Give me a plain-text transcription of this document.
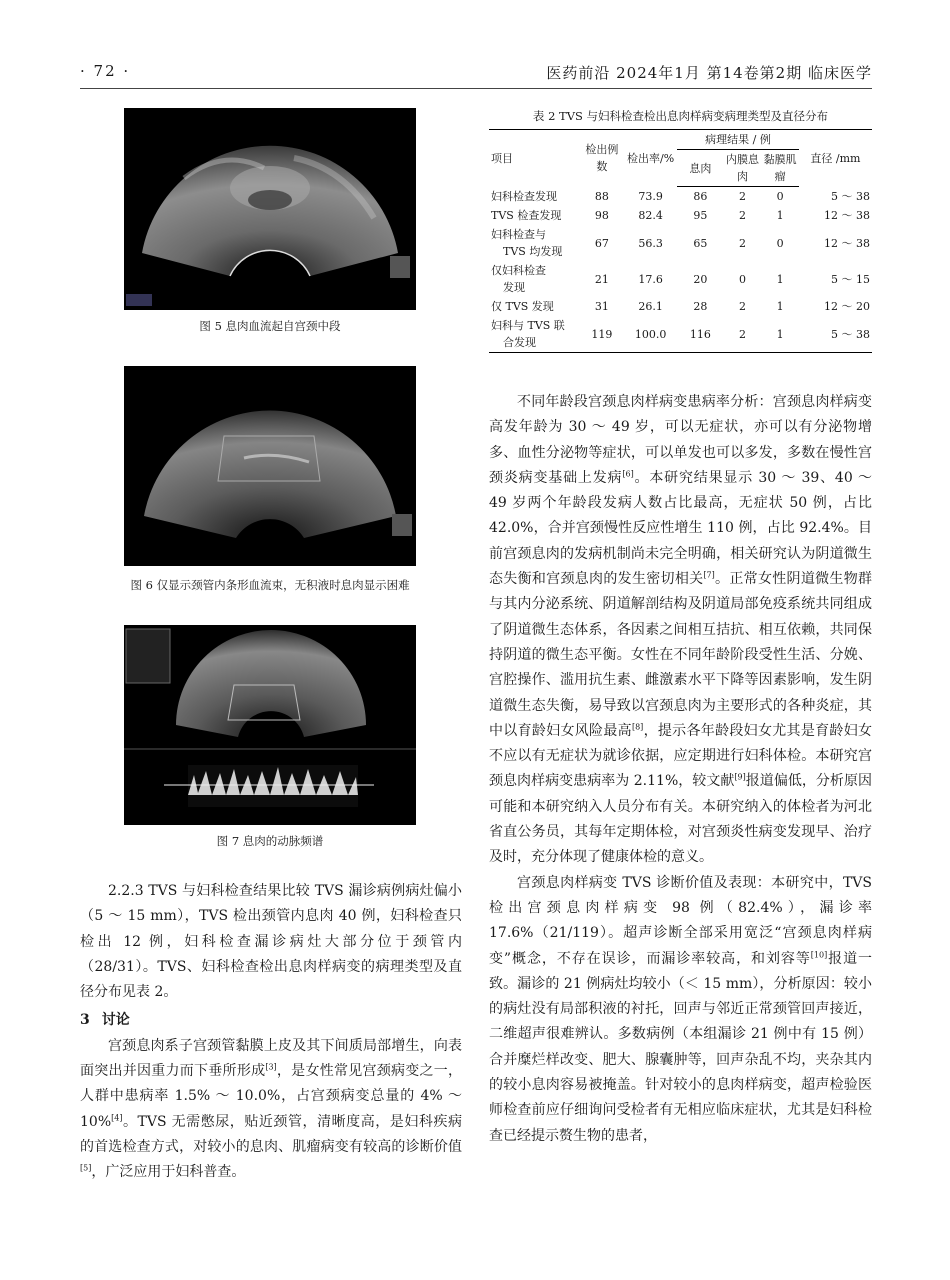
· 72 ·	医药前沿 2024年1月 第14卷第2期 临床医学
图 5 息肉血流起自宫颈中段
图 6 仅显示颈管内条形血流束，无积液时息肉显示困难
图 7 息肉的动脉频谱

2.2.3 TVS 与妇科检查结果比较 TVS 漏诊病例病灶偏小（5 ～ 15 mm），TVS 检出颈管内息肉 40 例，妇科检查只检出 12 例，妇科检查漏诊病灶大部分位于颈管内（28/31）。TVS、妇科检查检出息肉样病变的病理类型及直径分布见表 2。

3 讨论

宫颈息肉系子宫颈管黏膜上皮及其下间质局部增生，向表面突出并因重力而下垂所形成[3]，是女性常见宫颈病变之一，人群中患病率 1.5% ～ 10.0%，占宫颈病变总量的 4% ～ 10%[4]。TVS 无需憋尿，贴近颈管，清晰度高，是妇科疾病的首选检查方式，对较小的息肉、肌瘤病变有较高的诊断价值[5]，广泛应用于妇科普查。

表 2 TVS 与妇科检查检出息肉样病变病理类型及直径分布
项目	检出例数	检出率/%	病理结果 / 例			直径 /mm
			息肉	内膜息肉	黏膜肌瘤	
妇科检查发现	88	73.9	86	2	0	5 ～ 38
TVS 检查发现	98	82.4	95	2	1	12 ～ 38
妇科检查与
TVS 均发现	67	56.3	65	2	0	12 ～ 38
仅妇科检查
发现	21	17.6	20	0	1	5 ～ 15
仅 TVS 发现	31	26.1	28	2	1	12 ～ 20
妇科与 TVS 联
合发现	119	100.0	116	2	1	5 ～ 38

不同年龄段宫颈息肉样病变患病率分析：宫颈息肉样病变高发年龄为 30 ～ 49 岁，可以无症状，亦可以有分泌物增多、血性分泌物等症状，可以单发也可以多发，多数在慢性宫颈炎病变基础上发病[6]。本研究结果显示 30 ～ 39、40 ～ 49 岁两个年龄段发病人数占比最高，无症状 50 例，占比 42.0%，合并宫颈慢性反应性增生 110 例，占比 92.4%。目前宫颈息肉的发病机制尚未完全明确，相关研究认为阴道微生态失衡和宫颈息肉的发生密切相关[7]。正常女性阴道微生物群与其内分泌系统、阴道解剖结构及阴道局部免疫系统共同组成了阴道微生态体系，各因素之间相互拮抗、相互依赖，共同保持阴道的微生态平衡。女性在不同年龄阶段受性生活、分娩、宫腔操作、滥用抗生素、雌激素水平下降等因素影响，发生阴道微生态失衡，易导致以宫颈息肉为主要形式的各种炎症，其中以育龄妇女风险最高[8]，提示各年龄段妇女尤其是育龄妇女不应以有无症状为就诊依据，应定期进行妇科体检。本研究宫颈息肉样病变患病率为 2.11%，较文献[9]报道偏低，分析原因可能和本研究纳入人员分布有关。本研究纳入的体检者为河北省直公务员，其每年定期体检，对宫颈炎性病变发现早、治疗及时，充分体现了健康体检的意义。

宫颈息肉样病变 TVS 诊断价值及表现：本研究中，TVS 检出宫颈息肉样病变 98 例（82.4%），漏诊率 17.6%（21/119）。超声诊断全部采用宽泛“宫颈息肉样病变”概念，不存在误诊，而漏诊率较高，和刘容等[10]报道一致。漏诊的 21 例病灶均较小（＜ 15 mm），分析原因：较小的病灶没有局部积液的衬托，回声与邻近正常颈管回声接近，二维超声很难辨认。多数病例（本组漏诊 21 例中有 15 例）合并糜烂样改变、肥大、腺囊肿等，回声杂乱不均，夹杂其内的较小息肉容易被掩盖。针对较小的息肉样病变，超声检验医师检查前应仔细询问受检者有无相应临床症状，尤其是妇科检查已经提示赘生物的患者，
